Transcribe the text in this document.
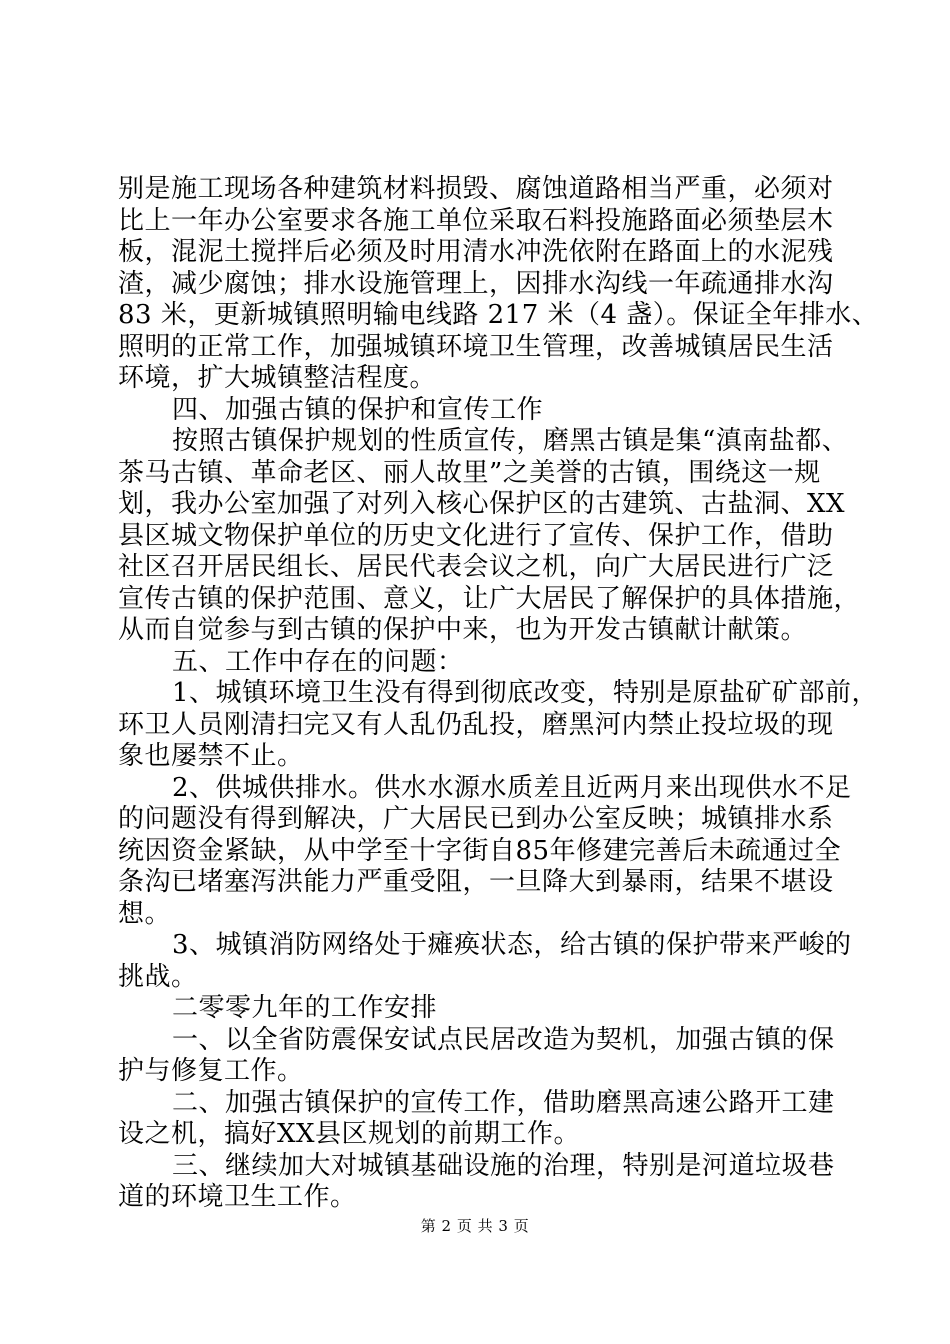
别是施工现场各种建筑材料损毁、腐蚀道路相当严重，必须对
比上一年办公室要求各施工单位采取石料投施路面必须垫层木
板，混泥土搅拌后必须及时用清水冲洗依附在路面上的水泥残
渣，减少腐蚀；排水设施管理上，因排水沟线一年疏通排水沟
83 米，更新城镇照明输电线路 217 米（4 盏）。保证全年排水、
照明的正常工作，加强城镇环境卫生管理，改善城镇居民生活
环境，扩大城镇整洁程度。
四、加强古镇的保护和宣传工作
按照古镇保护规划的性质宣传，磨黑古镇是集“滇南盐都、
茶马古镇、革命老区、丽人故里”之美誉的古镇，围绕这一规
划，我办公室加强了对列入核心保护区的古建筑、古盐洞、XX
县区城文物保护单位的历史文化进行了宣传、保护工作，借助
社区召开居民组长、居民代表会议之机，向广大居民进行广泛
宣传古镇的保护范围、意义，让广大居民了解保护的具体措施，
从而自觉参与到古镇的保护中来，也为开发古镇献计献策。
五、工作中存在的问题：
1、城镇环境卫生没有得到彻底改变，特别是原盐矿矿部前，
环卫人员刚清扫完又有人乱仍乱投，磨黑河内禁止投垃圾的现
象也屡禁不止。
2、供城供排水。供水水源水质差且近两月来出现供水不足
的问题没有得到解决，广大居民已到办公室反映；城镇排水系
统因资金紧缺，从中学至十字街自85年修建完善后未疏通过全
条沟已堵塞泻洪能力严重受阻，一旦降大到暴雨，结果不堪设
想。
3、城镇消防网络处于瘫痪状态，给古镇的保护带来严峻的
挑战。
二零零九年的工作安排
一、以全省防震保安试点民居改造为契机，加强古镇的保
护与修复工作。
二、加强古镇保护的宣传工作，借助磨黑高速公路开工建
设之机，搞好XX县区规划的前期工作。
三、继续加大对城镇基础设施的治理，特别是河道垃圾巷
道的环境卫生工作。
第 2 页 共 3 页
